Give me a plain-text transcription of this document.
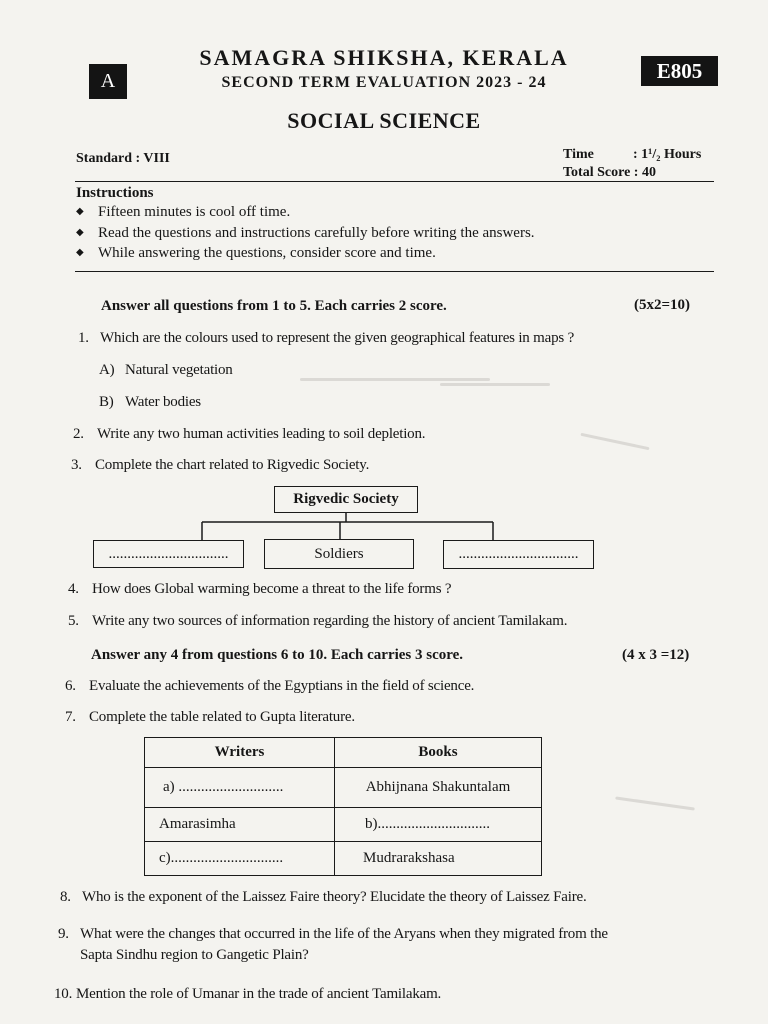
A	E805
SAMAGRA SHIKSHA, KERALA
SECOND TERM EVALUATION 2023 - 24
SOCIAL SCIENCE
Standard : VIII	Time	: 1¹/₂ Hours
Total Score : 40
Instructions
◆ Fifteen minutes is cool off time.
◆ Read the questions and instructions carefully before writing the answers.
◆ While answering the questions, consider score and time.
Answer all questions from 1 to 5. Each carries 2 score.	(5x2=10)
1. Which are the colours used to represent the given geographical features in maps ?
A) Natural vegetation
B) Water bodies
2. Write any two human activities leading to soil depletion.
3. Complete the chart related to Rigvedic Society.
Rigvedic Society
................................	Soldiers	................................
4. How does Global warming become a threat to the life forms ?
5. Write any two sources of information regarding the history of ancient Tamilakam.
Answer any 4 from questions 6 to 10. Each carries 3 score.	(4 x 3 =12)
6. Evaluate the achievements of the Egyptians in the field of science.
7. Complete the table related to Gupta literature.
Writers	Books
a) ............................	Abhijnana Shakuntalam
Amarasimha	b)..............................
c)..............................	Mudrarakshasa
8. Who is the exponent of the Laissez Faire theory? Elucidate the theory of Laissez Faire.
9. What were the changes that occurred in the life of the Aryans when they migrated from the
Sapta Sindhu region to Gangetic Plain?
10. Mention the role of Umanar in the trade of ancient Tamilakam.
